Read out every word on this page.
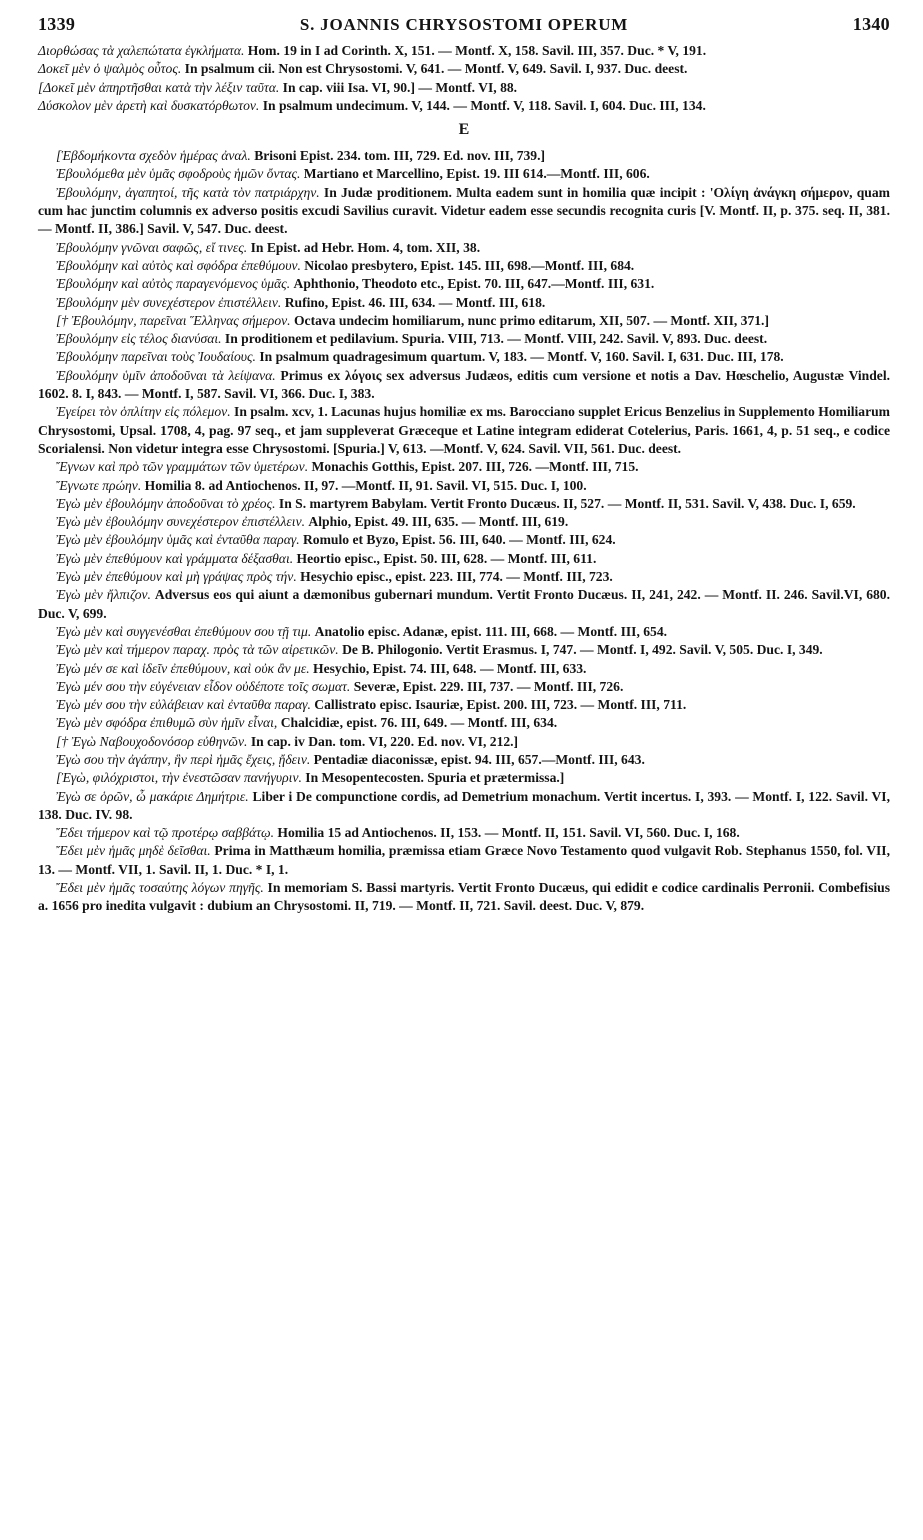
1339	S. JOANNIS CHRYSOSTOMI OPERUM	1340

Διορθώσας τὰ χαλεπώτατα ἐγκλήματα. Hom. 19 in I ad Corinth. X, 151. — Montf. X, 158. Savil. III, 357. Duc. * V, 191.

Δοκεῖ μὲν ὁ ψαλμὸς οὗτος. In psalmum cii. Non est Chrysostomi. V, 641. — Montf. V, 649. Savil. I, 937. Duc. deest.

[Δοκεῖ μὲν ἀπηρτῆσθαι κατὰ τὴν λέξιν ταῦτα. In cap. viii Isa. VI, 90.] — Montf. VI, 88.

Δύσκολον μὲν ἀρετὴ καὶ δυσκατόρθωτον. In psalmum undecimum. V, 144. — Montf. V, 118. Savil. I, 604. Duc. III, 134.

E

[Ἑβδομήκοντα σχεδὸν ἡμέρας ἀναλ. Brisoni Epist. 234. tom. III, 729. Ed. nov. III, 739.]

Ἐβουλόμεθα μὲν ὑμᾶς σφοδροὺς ἡμῶν ὄντας. Martiano et Marcellino, Epist. 19. III 614.—Montf. III, 606.

Ἐβουλόμην, ἀγαπητοί, τῆς κατὰ τὸν πατριάρχην. In Judæ proditionem. Multa eadem sunt in homilia quæ incipit : 'Ολίγη ἀνάγκη σήμερον, quam cum hac junctim columnis ex adverso positis excudi Savilius curavit. Videtur eadem esse secundis recognita curis [V. Montf. II, p. 375. seq. II, 381. — Montf. II, 386.] Savil. V, 547. Duc. deest.

Ἐβουλόμην γνῶναι σαφῶς, εἴ τινες. In Epist. ad Hebr. Hom. 4, tom. XII, 38.

Ἐβουλόμην καὶ αὐτὸς καὶ σφόδρα ἐπεθύμουν. Nicolao presbytero, Epist. 145. III, 698.—Montf. III, 684.

Ἐβουλόμην καὶ αὐτὸς παραγενόμενος ὑμᾶς. Aphthonio, Theodoto etc., Epist. 70. III, 647.—Montf. III, 631.

Ἐβουλόμην μὲν συνεχέστερον ἐπιστέλλειν. Rufino, Epist. 46. III, 634. — Montf. III, 618.

[† Ἐβουλόμην, παρεῖναι Ἕλληνας σήμερον. Octava undecim homiliarum, nunc primo editarum, XII, 507. — Montf. XII, 371.]

Ἐβουλόμην εἰς τέλος διανύσαι. In proditionem et pedilavium. Spuria. VIII, 713. — Montf. VIII, 242. Savil. V, 893. Duc. deest.

Ἐβουλόμην παρεῖναι τοὺς Ἰουδαίους. In psalmum quadragesimum quartum. V, 183. — Montf. V, 160. Savil. I, 631. Duc. III, 178.

Ἐβουλόμην ὑμῖν ἀποδοῦναι τὰ λείψανα. Primus ex λόγοις sex adversus Judæos, editis cum versione et notis a Dav. Hœschelio, Augustæ Vindel. 1602. 8. I, 843. — Montf. I, 587. Savil. VI, 366. Duc. I, 383.

Ἐγείρει τὸν ὁπλίτην εἰς πόλεμον. In psalm. xcv, 1. Lacunas hujus homiliæ ex ms. Barocciano supplet Ericus Benzelius in Supplemento Homiliarum Chrysostomi, Upsal. 1708, 4, pag. 97 seq., et jam suppleverat Græceque et Latine integram ediderat Cotelerius, Paris. 1661, 4, p. 51 seq., e codice Scorialensi. Non videtur integra esse Chrysostomi. [Spuria.] V, 613. —Montf. V, 624. Savil. VII, 561. Duc. deest.

Ἔγνων καὶ πρὸ τῶν γραμμάτων τῶν ὑμετέρων. Monachis Gotthis, Epist. 207. III, 726. —Montf. III, 715.

Ἔγνωτε πρώην. Homilia 8. ad Antiochenos. II, 97. —Montf. II, 91. Savil. VI, 515. Duc. I, 100.

Ἐγὼ μὲν ἐβουλόμην ἀποδοῦναι τὸ χρέος. In S. martyrem Babylam. Vertit Fronto Ducæus. II, 527. — Montf. II, 531. Savil. V, 438. Duc. I, 659.

Ἐγὼ μὲν ἐβουλόμην συνεχέστερον ἐπιστέλλειν. Alphio, Epist. 49. III, 635. — Montf. III, 619.

Ἐγὼ μὲν ἐβουλόμην ὑμᾶς καὶ ἐνταῦθα παραγ. Romulo et Byzo, Epist. 56. III, 640. — Montf. III, 624.

Ἐγὼ μὲν ἐπεθύμουν καὶ γράμματα δέξασθαι. Heortio episc., Epist. 50. III, 628. — Montf. III, 611.

Ἐγὼ μὲν ἐπεθύμουν καὶ μὴ γράψας πρὸς τήν. Hesychio episc., epist. 223. III, 774. — Montf. III, 723.

Ἐγὼ μὲν ἤλπιζον. Adversus eos qui aiunt a dæmonibus gubernari mundum. Vertit Fronto Ducæus. II, 241, 242. — Montf. II. 246. Savil.VI, 680. Duc. V, 699.

Ἐγὼ μὲν καὶ συγγενέσθαι ἐπεθύμουν σου τῇ τιμ. Anatolio episc. Adanæ, epist. 111. III, 668. — Montf. III, 654.

Ἐγὼ μὲν καὶ τήμερον παραχ. πρὸς τὰ τῶν αἱρετικῶν. De B. Philogonio. Vertit Erasmus. I, 747. — Montf. I, 492. Savil. V, 505. Duc. I, 349.

Ἐγὼ μέν σε καὶ ἰδεῖν ἐπεθύμουν, καὶ οὐκ ἂν με. Hesychio, Epist. 74. III, 648. — Montf. III, 633.

Ἐγὼ μέν σου τὴν εὐγένειαν εἶδον οὐδέποτε τοῖς σωματ. Severæ, Epist. 229. III, 737. — Montf. III, 726.

Ἐγὼ μέν σου τὴν εὐλάβειαν καὶ ἐνταῦθα παραγ. Callistrato episc. Isauriæ, Epist. 200. III, 723. — Montf. III, 711.

Ἐγὼ μὲν σφόδρα ἐπιθυμῶ σὺν ἡμῖν εἶναι, Chalcidiæ, epist. 76. III, 649. — Montf. III, 634.

[† Ἐγὼ Ναβουχοδονόσορ εὐθηνῶν. In cap. iv Dan. tom. VI, 220. Ed. nov. VI, 212.]

Ἐγὼ σου τὴν ἀγάπην, ἣν περὶ ἡμᾶς ἔχεις, ᾔδειν. Pentadiæ diaconissæ, epist. 94. III, 657.—Montf. III, 643.

[Ἐγὼ, φιλόχριστοι, τὴν ἐνεστῶσαν πανήγυριν. In Mesopentecosten. Spuria et prætermissa.]

Ἐγὼ σε ὁρῶν, ὦ μακάριε Δημήτριε. Liber i De compunctione cordis, ad Demetrium monachum. Vertit incertus. I, 393. — Montf. I, 122. Savil. VI, 138. Duc. IV. 98.

Ἔδει τήμερον καὶ τῷ προτέρῳ σαββάτῳ. Homilia 15 ad Antiochenos. II, 153. — Montf. II, 151. Savil. VI, 560. Duc. I, 168.

Ἔδει μὲν ἡμᾶς μηδὲ δεῖσθαι. Prima in Matthæum homilia, præmissa etiam Græce Novo Testamento quod vulgavit Rob. Stephanus 1550, fol. VII, 13. — Montf. VII, 1. Savil. II, 1. Duc. * I, 1.

Ἔδει μὲν ἡμᾶς τοσαύτης λόγων πηγῆς. In memoriam S. Bassi martyris. Vertit Fronto Ducæus, qui edidit e codice cardinalis Perronii. Combefisius a. 1656 pro inedita vulgavit : dubium an Chrysostomi. II, 719. — Montf. II, 721. Savil. deest. Duc. V, 879.
